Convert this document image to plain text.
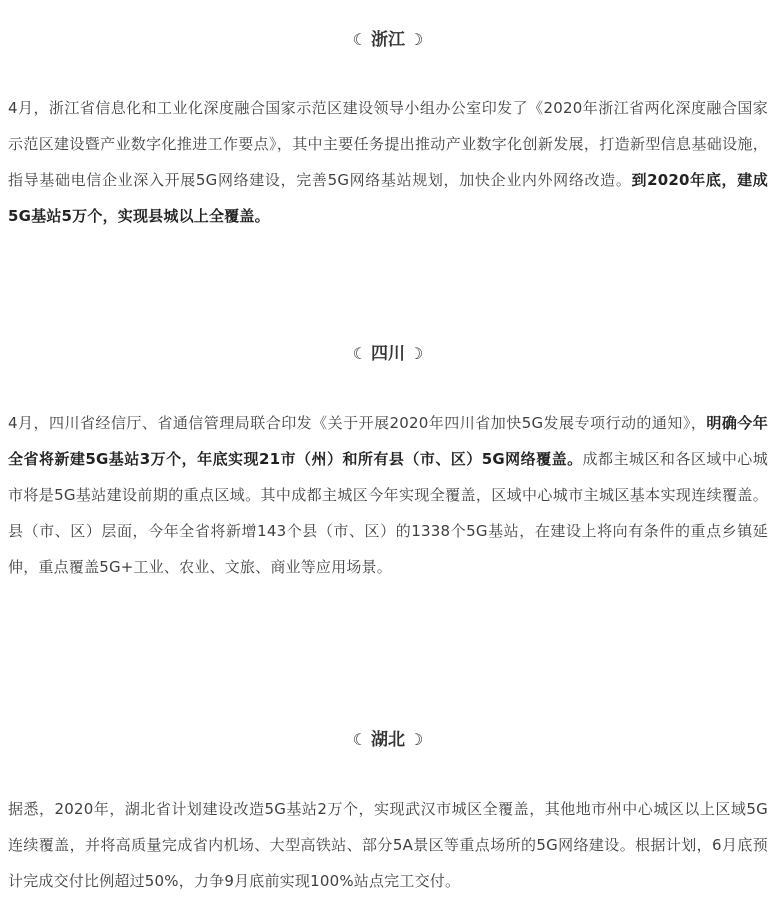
☾ 浙江 ☽
4月，浙江省信息化和工业化深度融合国家示范区建设领导小组办公室印发了《2020年浙江省两化深度融合国家示范区建设暨产业数字化推进工作要点》，其中主要任务提出推动产业数字化创新发展，打造新型信息基础设施，指导基础电信企业深入开展5G网络建设，完善5G网络基站规划，加快企业内外网络改造。到2020年底，建成5G基站5万个，实现县城以上全覆盖。
☾ 四川 ☽
4月，四川省经信厅、省通信管理局联合印发《关于开展2020年四川省加快5G发展专项行动的通知》，明确今年全省将新建5G基站3万个，年底实现21市（州）和所有县（市、区）5G网络覆盖。成都主城区和各区域中心城市将是5G基站建设前期的重点区域。其中成都主城区今年实现全覆盖，区域中心城市主城区基本实现连续覆盖。县（市、区）层面，今年全省将新增143个县（市、区）的1338个5G基站，在建设上将向有条件的重点乡镇延伸，重点覆盖5G+工业、农业、文旅、商业等应用场景。
☾ 湖北 ☽
据悉，2020年，湖北省计划建设改造5G基站2万个，实现武汉市城区全覆盖，其他地市州中心城区以上区域5G连续覆盖，并将高质量完成省内机场、大型高铁站、部分5A景区等重点场所的5G网络建设。根据计划，6月底预计完成交付比例超过50%，力争9月底前实现100%站点完工交付。
